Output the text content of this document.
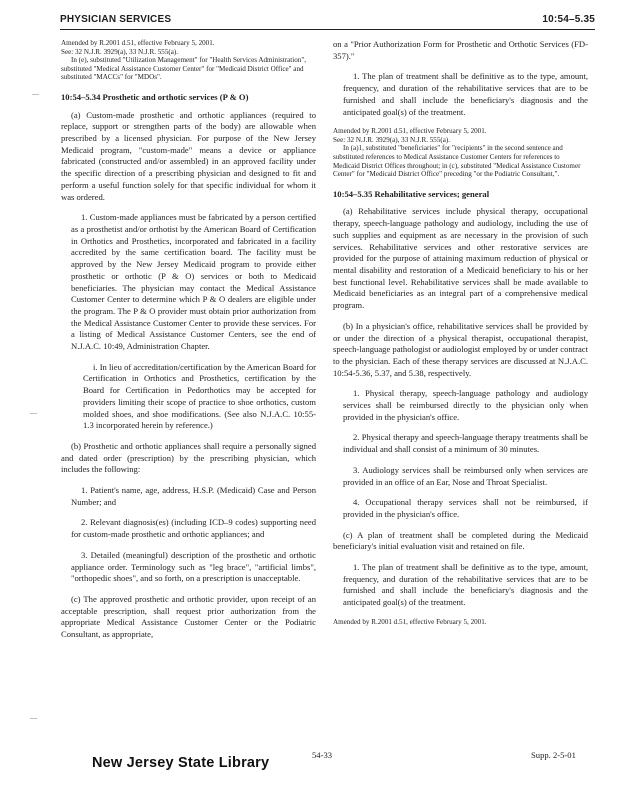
PHYSICIAN SERVICES	10:54–5.35
—
—
—

Amended by R.2001 d.51, effective February 5, 2001.

See: 32 N.J.R. 3929(a), 33 N.J.R. 555(a).

In (e), substituted "Utilization Management" for "Health Services Administration", substituted "Medical Assistance Customer Center" for "Medicaid District Office" and substituted "MACCs" for "MDOs".

10:54–5.34 Prosthetic and orthotic services (P & O)

(a) Custom-made prosthetic and orthotic appliances (required to replace, support or strengthen parts of the body) are allowable when prescribed by a licensed physician. For purpose of the New Jersey Medicaid program, "custom-made" means a device or appliance fabricated (constructed and/or assembled) in an approved facility under the specific direction of a prescribing physician and designed to fit and perform a useful function solely for that specific individual for whom it was ordered.

1. Custom-made appliances must be fabricated by a person certified as a prosthetist and/or orthotist by the American Board of Certification in Orthotics and Prosthetics, incorporated and fabricated in a facility accredited by the same certification board. The facility must be approved by the New Jersey Medicaid program to provide either prosthetic or orthotic (P & O) services or both to Medicaid beneficiaries. The physician may contact the Medical Assistance Customer Center to determine which P & O dealers are eligible under the program. The P & O provider must obtain prior authorization from the Medical Assistance Customer Center to provide these services. For a listing of Medical Assistance Customer Centers, see the end of N.J.A.C. 10:49, Administration Chapter.

i. In lieu of accreditation/certification by the American Board for Certification in Orthotics and Prosthetics, certification by the Board for Certification in Pedorthotics may be accepted for providers limiting their scope of practice to shoe orthotics, custom molded shoes, and shoe modifications. (See also N.J.A.C. 10:55-1.3 incorporated herein by reference.)

(b) Prosthetic and orthotic appliances shall require a personally signed and dated order (prescription) by the prescribing physician, which includes the following:

1. Patient's name, age, address, H.S.P. (Medicaid) Case and Person Number; and

2. Relevant diagnosis(es) (including ICD–9 codes) supporting need for custom-made prosthetic and orthotic appliances; and

3. Detailed (meaningful) description of the prosthetic and orthotic appliance order. Terminology such as "leg brace", "artificial limbs", "orthopedic shoes", and so forth, on a prescription is unacceptable.

(c) The approved prosthetic and orthotic provider, upon receipt of an acceptable prescription, shall request prior authorization from the appropriate Medical Assistance Customer Center or the Podiatric Consultant, as appropriate,

on a "Prior Authorization Form for Prosthetic and Orthotic Services (FD-357)."

1. The plan of treatment shall be definitive as to the type, amount, frequency, and duration of the rehabilitative services that are to be furnished and shall include the beneficiary's diagnosis and the anticipated goal(s) of the treatment.

Amended by R.2001 d.51, effective February 5, 2001.

See: 32 N.J.R. 3929(a), 33 N.J.R. 555(a).

In (a)1, substituted "beneficiaries" for "recipients" in the second sentence and substituted references to Medical Assistance Customer Centers for references to Medicaid District Offices throughout; in (c), substituted "Medical Assistance Customer Center" for "Medicaid District Office" preceding "or the Podiatric Consultant,".

10:54–5.35 Rehabilitative services; general

(a) Rehabilitative services include physical therapy, occupational therapy, speech-language pathology and audiology, including the use of such supplies and equipment as are necessary in the provision of such services. Rehabilitative services and other restorative services are provided for the purpose of attaining maximum reduction of physical or mental disability and restoration of a Medicaid beneficiary to his or her best functional level. Rehabilitative services shall be made available to Medicaid beneficiaries as an integral part of a comprehensive medical program.

(b) In a physician's office, rehabilitative services shall be provided by or under the direction of a physical therapist, occupational therapist, speech-language pathologist or audiologist employed by or under contract to the physician. Each of these therapy services are discussed at N.J.A.C. 10:54-5.36, 5.37, and 5.38, respectively.

1. Physical therapy, speech-language pathology and audiology services shall be reimbursed directly to the physician only when provided in the physician's office.

2. Physical therapy and speech-language therapy treatments shall be individual and shall consist of a minimum of 30 minutes.

3. Audiology services shall be reimbursed only when services are provided in an office of an Ear, Nose and Throat Specialist.

4. Occupational therapy services shall not be reimbursed, if provided in the physician's office.

(c) A plan of treatment shall be completed during the Medicaid beneficiary's initial evaluation visit and retained on file.

1. The plan of treatment shall be definitive as to the type, amount, frequency, and duration of the rehabilitative services that are to be furnished and shall include the beneficiary's diagnosis and the anticipated goal(s) of the treatment.

Amended by R.2001 d.51, effective February 5, 2001.

New Jersey State Library	54-33	Supp. 2-5-01
